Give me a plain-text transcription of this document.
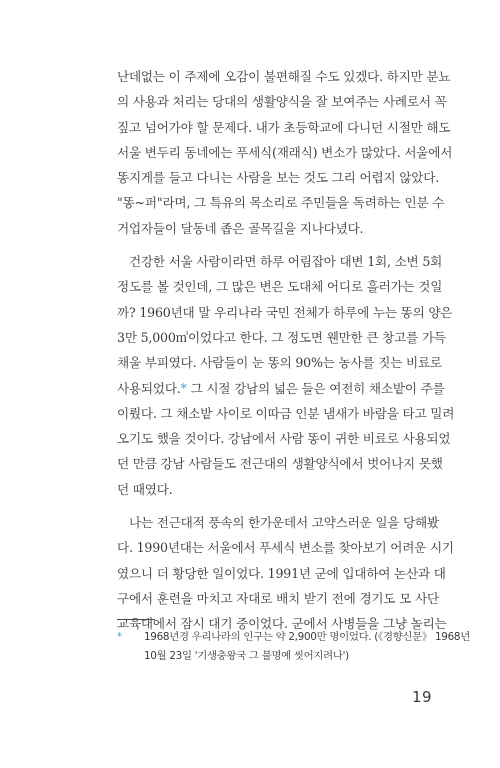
난데없는 이 주제에 오감이 불편해질 수도 있겠다. 하지만 분뇨
의 사용과 처리는 당대의 생활양식을 잘 보여주는 사례로서 꼭
짚고 넘어가야 할 문제다. 내가 초등학교에 다니던 시절만 해도
서울 변두리 동네에는 푸세식(재래식) 변소가 많았다. 서울에서
똥지게를 들고 다니는 사람을 보는 것도 그리 어렵지 않았다.
"똥~퍼"라며, 그 특유의 목소리로 주민들을 독려하는 인분 수
거업자들이 달동네 좁은 골목길을 지나다녔다.
건강한 서울 사람이라면 하루 어림잡아 대변 1회, 소변 5회
정도를 볼 것인데, 그 많은 변은 도대체 어디로 흘러가는 것일
까? 1960년대 말 우리나라 국민 전체가 하루에 누는 똥의 양은
3만 5,000㎥이었다고 한다. 그 정도면 웬만한 큰 창고를 가득
채울 부피였다. 사람들이 눈 똥의 90%는 농사를 짓는 비료로
사용되었다.* 그 시절 강남의 넓은 들은 여전히 채소밭이 주를
이뤘다. 그 채소밭 사이로 이따금 인분 냄새가 바람을 타고 밀려
오기도 했을 것이다. 강남에서 사람 똥이 귀한 비료로 사용되었
던 만큼 강남 사람들도 전근대의 생활양식에서 벗어나지 못했
던 때였다.
나는 전근대적 풍속의 한가운데서 고약스러운 일을 당해봤
다. 1990년대는 서울에서 푸세식 변소를 찾아보기 어려운 시기
였으니 더 황당한 일이었다. 1991년 군에 입대하여 논산과 대
구에서 훈련을 마치고 자대로 배치 받기 전에 경기도 모 사단
교육대에서 잠시 대기 중이었다. 군에서 사병들을 그냥 놀리는
* 1968년경 우리나라의 인구는 약 2,900만 명이었다. (《경향신문》 1968년
10월 23일 '기생충왕국 그 불명예 씻어지려나')
19
